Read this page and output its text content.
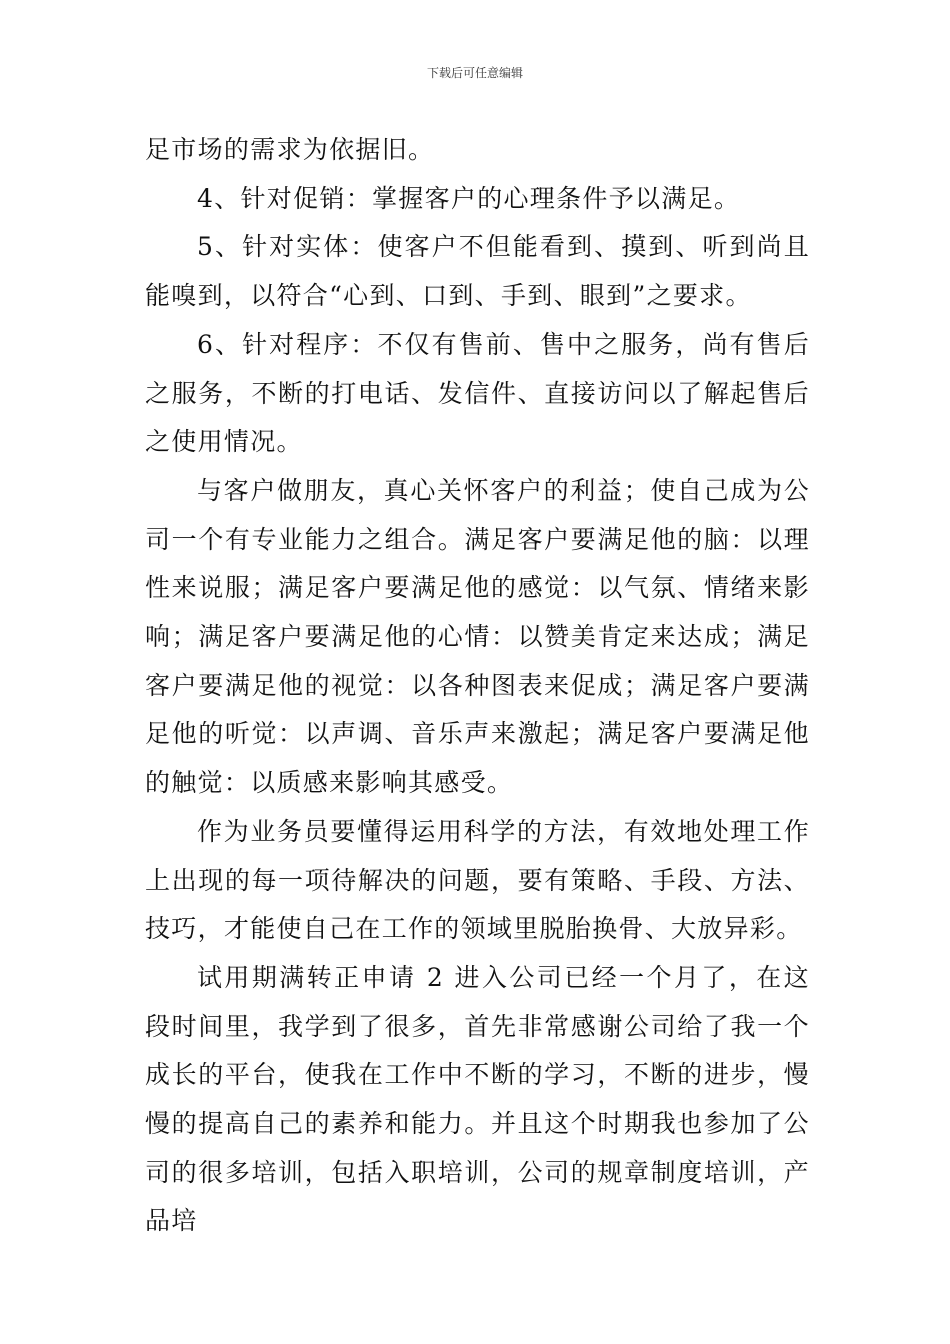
下载后可任意编辑

足市场的需求为依据旧。

4、针对促销：掌握客户的心理条件予以满足。

5、针对实体：使客户不但能看到、摸到、听到尚且能嗅到，以符合“心到、口到、手到、眼到”之要求。

6、针对程序：不仅有售前、售中之服务，尚有售后之服务，不断的打电话、发信件、直接访问以了解起售后之使用情况。

与客户做朋友，真心关怀客户的利益；使自己成为公司一个有专业能力之组合。满足客户要满足他的脑：以理性来说服；满足客户要满足他的感觉：以气氛、情绪来影响；满足客户要满足他的心情：以赞美肯定来达成；满足客户要满足他的视觉：以各种图表来促成；满足客户要满足他的听觉：以声调、音乐声来激起；满足客户要满足他的触觉：以质感来影响其感受。

作为业务员要懂得运用科学的方法，有效地处理工作上出现的每一项待解决的问题，要有策略、手段、方法、技巧，才能使自己在工作的领域里脱胎换骨、大放异彩。

试用期满转正申请 2 进入公司已经一个月了，在这段时间里，我学到了很多，首先非常感谢公司给了我一个成长的平台，使我在工作中不断的学习，不断的进步，慢慢的提高自己的素养和能力。并且这个时期我也参加了公司的很多培训，包括入职培训，公司的规章制度培训，产品培
